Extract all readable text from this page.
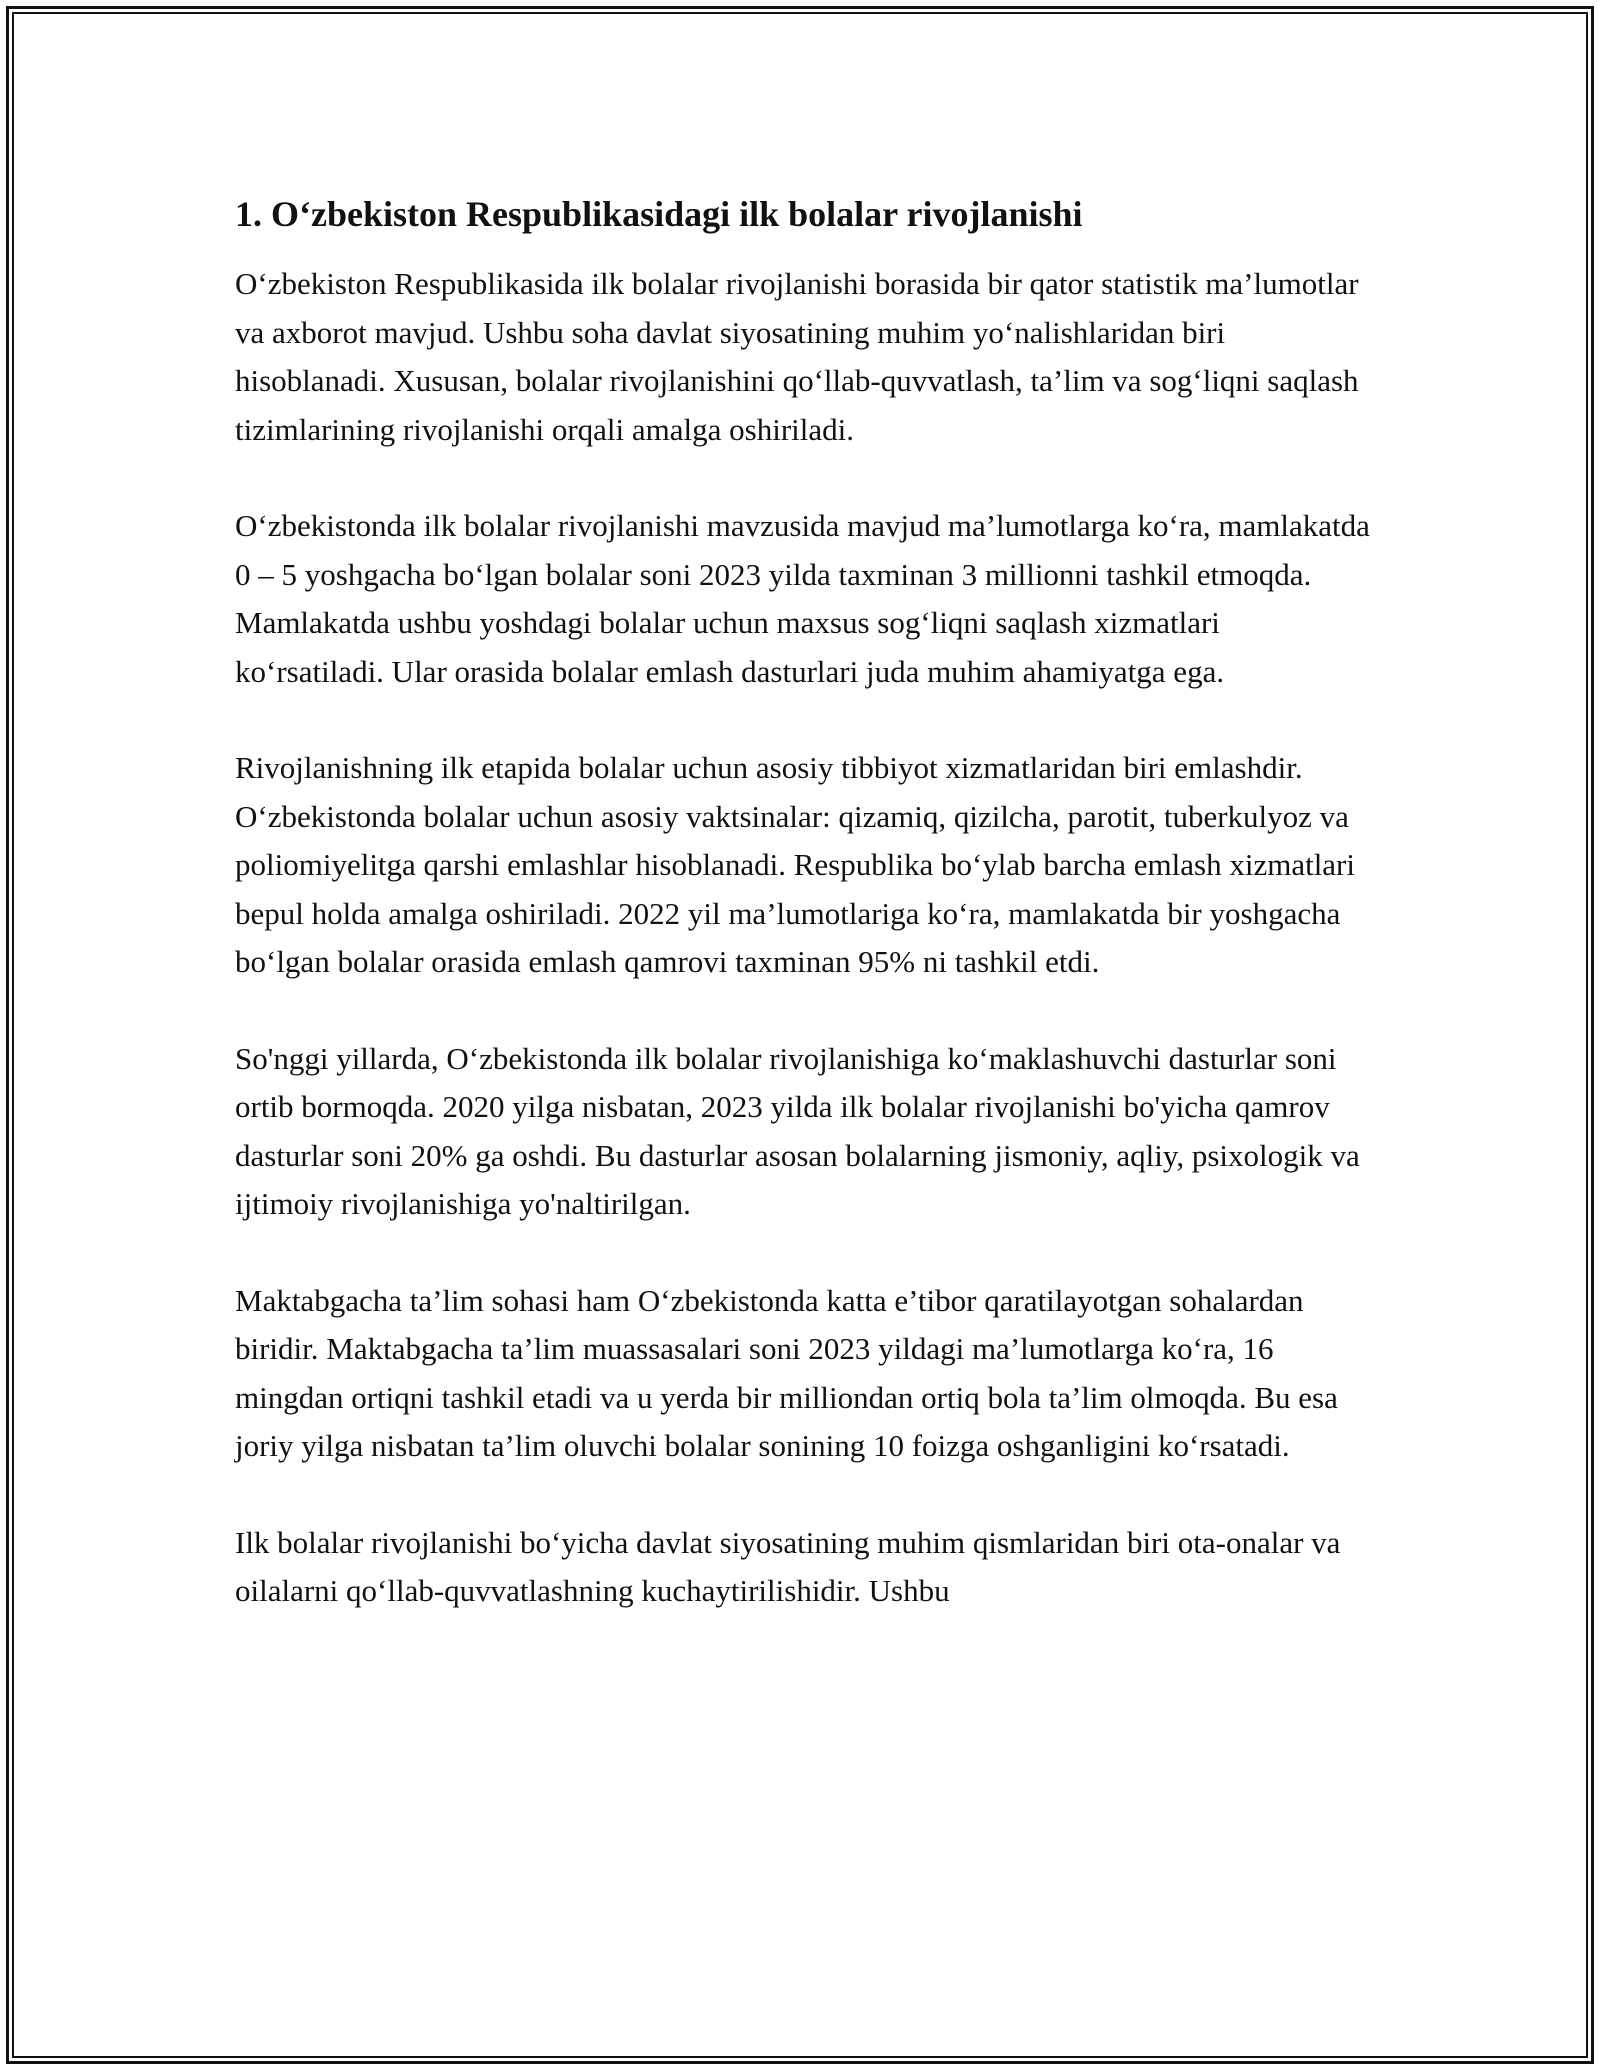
1. O‘zbekiston Respublikasidagi ilk bolalar rivojlanishi

O‘zbekiston Respublikasida ilk bolalar rivojlanishi borasida bir qator statistik ma’lumotlar va axborot mavjud. Ushbu soha davlat siyosatining muhim yo‘nalishlaridan biri hisoblanadi. Xususan, bolalar rivojlanishini qo‘llab-quvvatlash, ta’lim va sog‘liqni saqlash tizimlarining rivojlanishi orqali amalga oshiriladi.

O‘zbekistonda ilk bolalar rivojlanishi mavzusida mavjud ma’lumotlarga ko‘ra, mamlakatda 0 – 5 yoshgacha bo‘lgan bolalar soni 2023 yilda taxminan 3 millionni tashkil etmoqda. Mamlakatda ushbu yoshdagi bolalar uchun maxsus sog‘liqni saqlash xizmatlari ko‘rsatiladi. Ular orasida bolalar emlash dasturlari juda muhim ahamiyatga ega.

Rivojlanishning ilk etapida bolalar uchun asosiy tibbiyot xizmatlaridan biri emlashdir. O‘zbekistonda bolalar uchun asosiy vaktsinalar: qizamiq, qizilcha, parotit, tuberkulyoz va poliomiyelitga qarshi emlashlar hisoblanadi. Respublika bo‘ylab barcha emlash xizmatlari bepul holda amalga oshiriladi. 2022 yil ma’lumotlariga ko‘ra, mamlakatda bir yoshgacha bo‘lgan bolalar orasida emlash qamrovi taxminan 95% ni tashkil etdi.

So'nggi yillarda, O‘zbekistonda ilk bolalar rivojlanishiga ko‘maklashuvchi dasturlar soni ortib bormoqda. 2020 yilga nisbatan, 2023 yilda ilk bolalar rivojlanishi bo'yicha qamrov dasturlar soni 20% ga oshdi. Bu dasturlar asosan bolalarning jismoniy, aqliy, psixologik va ijtimoiy rivojlanishiga yo'naltirilgan.

Maktabgacha ta’lim sohasi ham O‘zbekistonda katta e’tibor qaratilayotgan sohalardan biridir. Maktabgacha ta’lim muassasalari soni 2023 yildagi ma’lumotlarga ko‘ra, 16 mingdan ortiqni tashkil etadi va u yerda bir milliondan ortiq bola ta’lim olmoqda. Bu esa joriy yilga nisbatan ta’lim oluvchi bolalar sonining 10 foizga oshganligini ko‘rsatadi.

Ilk bolalar rivojlanishi bo‘yicha davlat siyosatining muhim qismlaridan biri ota-onalar va oilalarni qo‘llab-quvvatlashning kuchaytirilishidir. Ushbu
